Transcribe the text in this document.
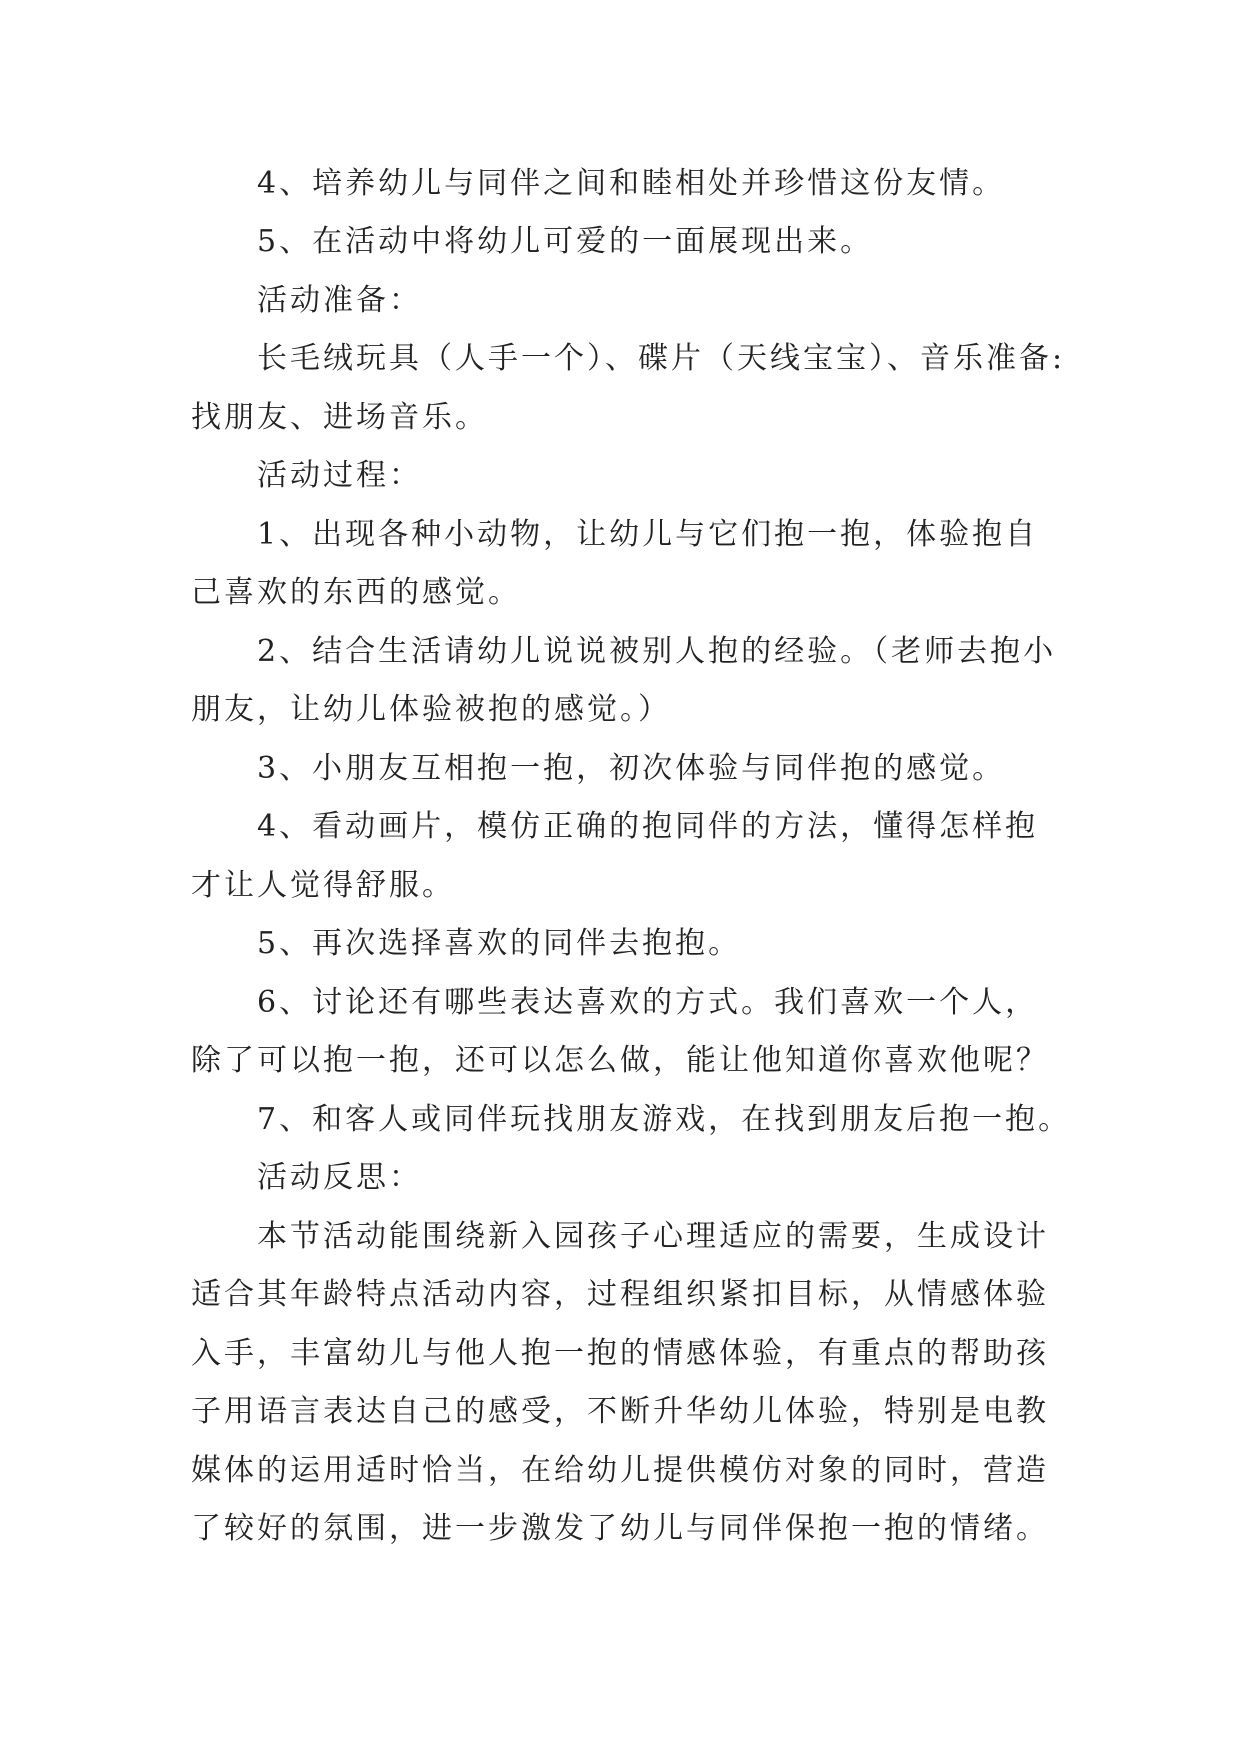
4、培养幼儿与同伴之间和睦相处并珍惜这份友情。
5、在活动中将幼儿可爱的一面展现出来。
活动准备：
长毛绒玩具（人手一个）、碟片（天线宝宝）、音乐准备:
找朋友、进场音乐。
活动过程：
1、出现各种小动物，让幼儿与它们抱一抱，体验抱自
己喜欢的东西的感觉。
2、结合生活请幼儿说说被别人抱的经验。（老师去抱小
朋友，让幼儿体验被抱的感觉。）
3、小朋友互相抱一抱，初次体验与同伴抱的感觉。
4、看动画片，模仿正确的抱同伴的方法，懂得怎样抱
才让人觉得舒服。
5、再次选择喜欢的同伴去抱抱。
6、讨论还有哪些表达喜欢的方式。我们喜欢一个人，
除了可以抱一抱，还可以怎么做，能让他知道你喜欢他呢？
7、和客人或同伴玩找朋友游戏，在找到朋友后抱一抱。
活动反思：
本节活动能围绕新入园孩子心理适应的需要，生成设计
适合其年龄特点活动内容，过程组织紧扣目标，从情感体验
入手，丰富幼儿与他人抱一抱的情感体验，有重点的帮助孩
子用语言表达自己的感受，不断升华幼儿体验，特别是电教
媒体的运用适时恰当，在给幼儿提供模仿对象的同时，营造
了较好的氛围，进一步激发了幼儿与同伴保抱一抱的情绪。
